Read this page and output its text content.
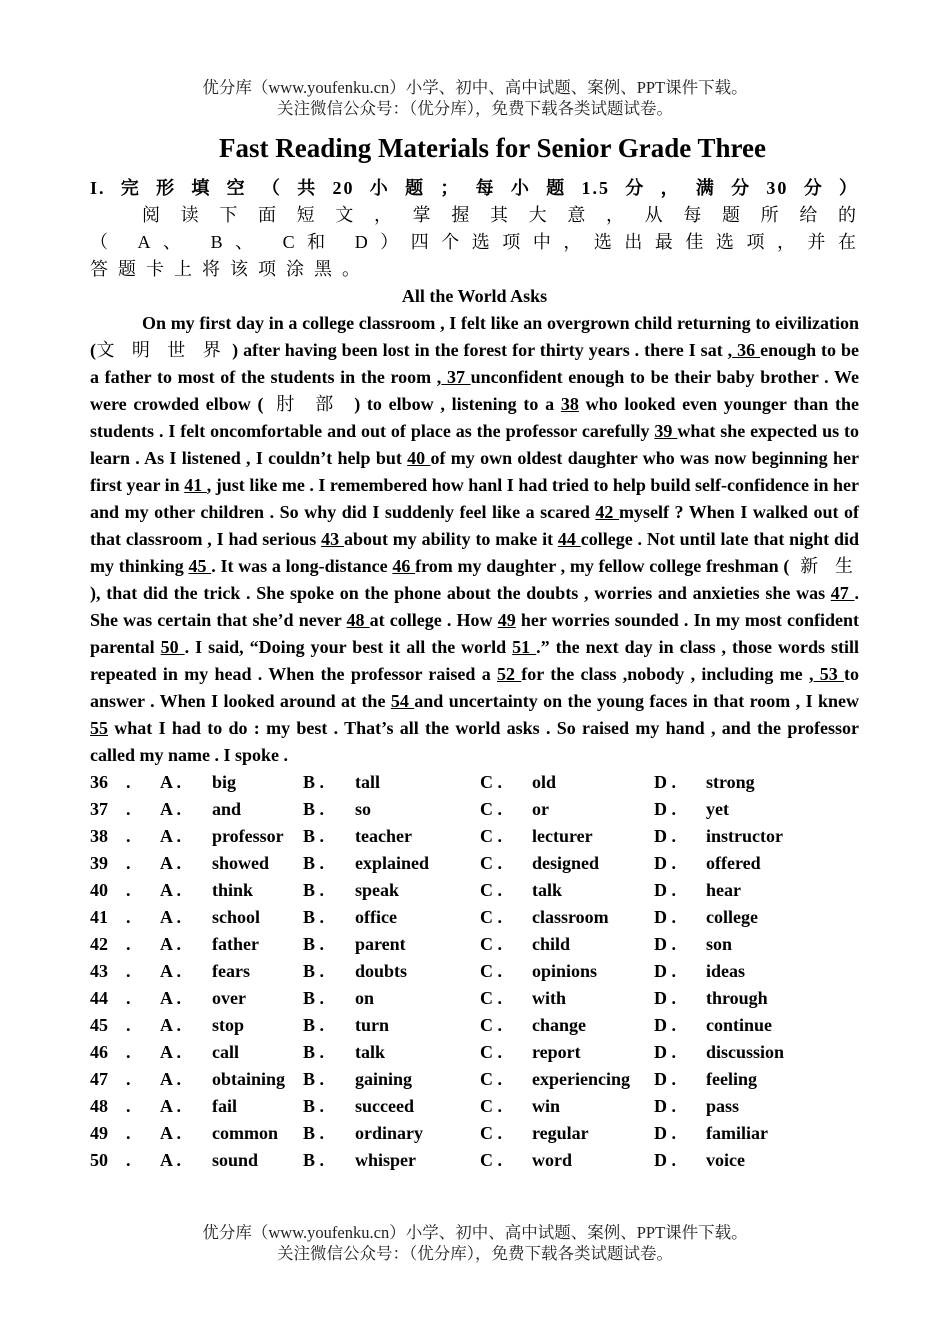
优分库（www.youfenku.cn）小学、初中、高中试题、案例、PPT课件下载。
关注微信公众号：（优分库），免费下载各类试题试卷。
Fast Reading Materials for Senior Grade Three
I.完形填空（共20小题；每小题1.5分，满分30分）
阅读下面短文，掌握其大意，从每题所给的
（ A、 B、 C和 D）四个选项中，选出最佳选项，并在
答题卡上将该项涂黑。
All the World Asks
On my first day in a college classroom , I felt like an overgrown child returning to eivilization (文 明 世 界 ) after having been lost in the forest for thirty years . there I sat , 36 enough to be a father to most of the students in the room , 37 unconfident enough to be their baby brother . We were crowded elbow ( 肘 部 ) to elbow , listening to a 38 who looked even younger than the students . I felt oncomfortable and out of place as the professor carefully 39 what she expected us to learn . As I listened , I couldn’t help but 40 of my own oldest daughter who was now beginning her first year in 41 , just like me . I remembered how hanl I had tried to help build self-confidence in her and my other children . So why did I suddenly feel like a scared 42 myself ? When I walked out of that classroom , I had serious 43 about my ability to make it 44 college . Not until late that night did my thinking 45 . It was a long-distance 46 from my daughter , my fellow college freshman ( 新 生 ), that did the trick . She spoke on the phone about the doubts , worries and anxieties she was 47 . She was certain that she’d never 48 at college . How 49 her worries sounded . In my most confident parental 50 . I said, “Doing your best it all the world 51 .” the next day in class , those words still repeated in my head . When the professor raised a 52 for the class ,nobody , including me , 53 to answer . When I looked around at the 54 and uncertainty on the young faces in that room , I knew 55 what I had to do : my best . That’s all the world asks . So raised my hand , and the professor called my name . I spoke .
36	.	A .	big	B .	tall	C .	old	D .	strong
37	.	A .	and	B .	so	C .	or	D .	yet
38	.	A .	professor	B .	teacher	C .	lecturer	D .	instructor
39	.	A .	showed	B .	explained	C .	designed	D .	offered
40	.	A .	think	B .	speak	C .	talk	D .	hear
41	.	A .	school	B .	office	C .	classroom	D .	college
42	.	A .	father	B .	parent	C .	child	D .	son
43	.	A .	fears	B .	doubts	C .	opinions	D .	ideas
44	.	A .	over	B .	on	C .	with	D .	through
45	.	A .	stop	B .	turn	C .	change	D .	continue
46	.	A .	call	B .	talk	C .	report	D .	discussion
47	.	A .	obtaining	B .	gaining	C .	experiencing	D .	feeling
48	.	A .	fail	B .	succeed	C .	win	D .	pass
49	.	A .	common	B .	ordinary	C .	regular	D .	familiar
50	.	A .	sound	B .	whisper	C .	word	D .	voice
优分库（www.youfenku.cn）小学、初中、高中试题、案例、PPT课件下载。
关注微信公众号：（优分库），免费下载各类试题试卷。
